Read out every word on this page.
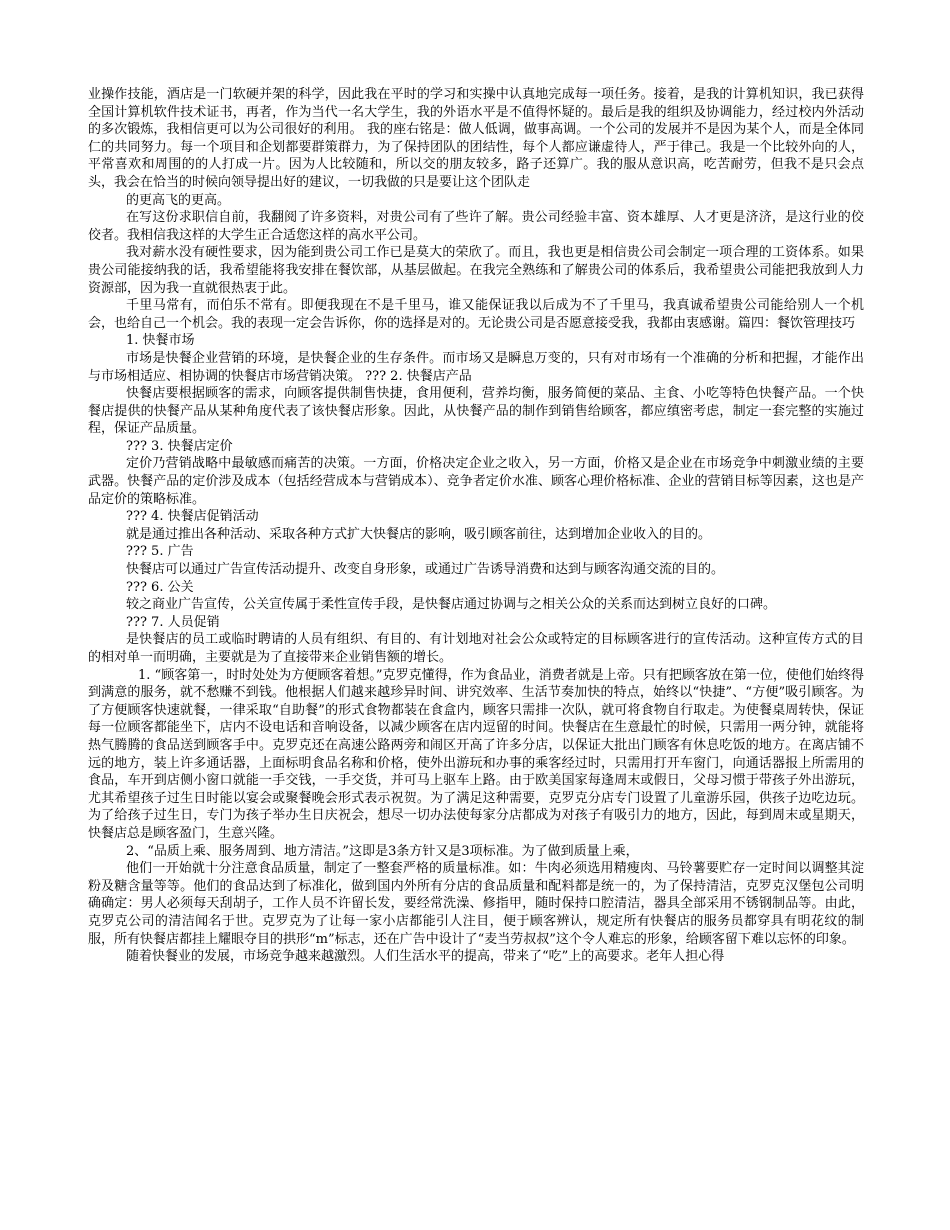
业操作技能，酒店是一门软硬并架的科学，因此我在平时的学习和实操中认真地完成每一项任务。接着，是我的计算机知识，我已获得全国计算机软件技术证书，再者，作为当代一名大学生，我的外语水平是不值得怀疑的。最后是我的组织及协调能力，经过校内外活动的多次锻炼，我相信更可以为公司很好的利用。 我的座右铭是：做人低调，做事高调。一个公司的发展并不是因为某个人，而是全体同仁的共同努力。每一个项目和企划都要群策群力，为了保持团队的团结性，每个人都应谦虚待人，严于律己。我是一个比较外向的人，平常喜欢和周围的的人打成一片。因为人比较随和，所以交的朋友较多，路子还算广。我的服从意识高，吃苦耐劳，但我不是只会点头，我会在恰当的时候向领导提出好的建议，一切我做的只是要让这个团队走

的更高飞的更高。

在写这份求职信自前，我翻阅了许多资料，对贵公司有了些许了解。贵公司经验丰富、资本雄厚、人才更是济济，是这行业的佼佼者。我相信我这样的大学生正合适您这样的高水平公司。

我对薪水没有硬性要求，因为能到贵公司工作已是莫大的荣欣了。而且，我也更是相信贵公司会制定一项合理的工资体系。如果贵公司能接纳我的话，我希望能将我安排在餐饮部，从基层做起。在我完全熟练和了解贵公司的体系后，我希望贵公司能把我放到人力资源部，因为我一直就很热衷于此。

千里马常有，而伯乐不常有。即便我现在不是千里马，谁又能保证我以后成为不了千里马，我真诚希望贵公司能给别人一个机会，也给自己一个机会。我的表现一定会告诉你，你的选择是对的。无论贵公司是否愿意接受我，我都由衷感谢。篇四：餐饮管理技巧

1. 快餐市场

市场是快餐企业营销的环境，是快餐企业的生存条件。而市场又是瞬息万变的，只有对市场有一个准确的分析和把握，才能作出与市场相适应、相协调的快餐店市场营销决策。 ??? 2. 快餐店产品

快餐店要根据顾客的需求，向顾客提供制售快捷，食用便利，营养均衡，服务简便的菜品、主食、小吃等特色快餐产品。一个快餐店提供的快餐产品从某种角度代表了该快餐店形象。因此，从快餐产品的制作到销售给顾客，都应缜密考虑，制定一套完整的实施过程，保证产品质量。

??? 3. 快餐店定价

定价乃营销战略中最敏感而痛苦的决策。一方面，价格决定企业之收入，另一方面，价格又是企业在市场竞争中刺激业绩的主要武器。快餐产品的定价涉及成本（包括经营成本与营销成本）、竞争者定价水准、顾客心理价格标准、企业的营销目标等因素，这也是产品定价的策略标准。

??? 4. 快餐店促销活动

就是通过推出各种活动、采取各种方式扩大快餐店的影响，吸引顾客前往，达到增加企业收入的目的。

??? 5. 广告

快餐店可以通过广告宣传活动提升、改变自身形象，或通过广告诱导消费和达到与顾客沟通交流的目的。

??? 6. 公关

较之商业广告宣传，公关宣传属于柔性宣传手段，是快餐店通过协调与之相关公众的关系而达到树立良好的口碑。

??? 7. 人员促销

是快餐店的员工或临时聘请的人员有组织、有目的、有计划地对社会公众或特定的目标顾客进行的宣传活动。这种宣传方式的目的相对单一而明确，主要就是为了直接带来企业销售额的增长。

1. “顾客第一，时时处处为方便顾客着想。”克罗克懂得，作为食品业，消费者就是上帝。只有把顾客放在第一位，使他们始终得到满意的服务，就不愁赚不到钱。他根据人们越来越珍异时间、讲究效率、生活节奏加快的特点，始终以“快捷”、“方便”吸引顾客。为了方便顾客快速就餐，一律采取“自助餐”的形式食物都装在食盒内，顾客只需排一次队，就可将食物自行取走。为使餐桌周转快，保证每一位顾客都能坐下，店内不设电话和音响设备，以减少顾客在店内逗留的时间。快餐店在生意最忙的时候，只需用一两分钟，就能将热气腾腾的食品送到顾客手中。克罗克还在高速公路两旁和闹区开高了许多分店，以保证大批出门顾客有休息吃饭的地方。在离店铺不远的地方，装上许多通话器，上面标明食品名称和价格，使外出游玩和办事的乘客经过时，只需用打开车窗门，向通话器报上所需用的食品，车开到店侧小窗口就能一手交钱，一手交货，并可马上驱车上路。由于欧美国家每逢周末或假日，父母习惯于带孩子外出游玩，尤其希望孩子过生日时能以宴会或聚餐晚会形式表示祝贺。为了满足这种需要，克罗克分店专门设置了儿童游乐园，供孩子边吃边玩。为了给孩子过生日，专门为孩子举办生日庆祝会，想尽一切办法使每家分店都成为对孩子有吸引力的地方，因此，每到周末或星期天，快餐店总是顾客盈门，生意兴隆。

2、“品质上乘、服务周到、地方清洁。”这即是3条方针又是3项标准。为了做到质量上乘，

他们一开始就十分注意食品质量，制定了一整套严格的质量标准。如：牛肉必须选用精瘦肉、马铃薯要贮存一定时间以调整其淀粉及糖含量等等。他们的食品达到了标准化，做到国内外所有分店的食品质量和配料都是统一的，为了保持清洁，克罗克汉堡包公司明确确定：男人必须每天刮胡子，工作人员不许留长发，要经常洗澡、修指甲，随时保持口腔清洁，器具全部采用不锈钢制品等。由此，克罗克公司的清洁闻名于世。克罗克为了让每一家小店都能引人注目，便于顾客辨认，规定所有快餐店的服务员都穿具有明花纹的制服，所有快餐店都挂上耀眼夺目的拱形“m”标志，还在广告中设计了“麦当劳叔叔”这个令人难忘的形象，给顾客留下难以忘怀的印象。

随着快餐业的发展，市场竞争越来越激烈。人们生活水平的提高，带来了“吃”上的高要求。老年人担心得
